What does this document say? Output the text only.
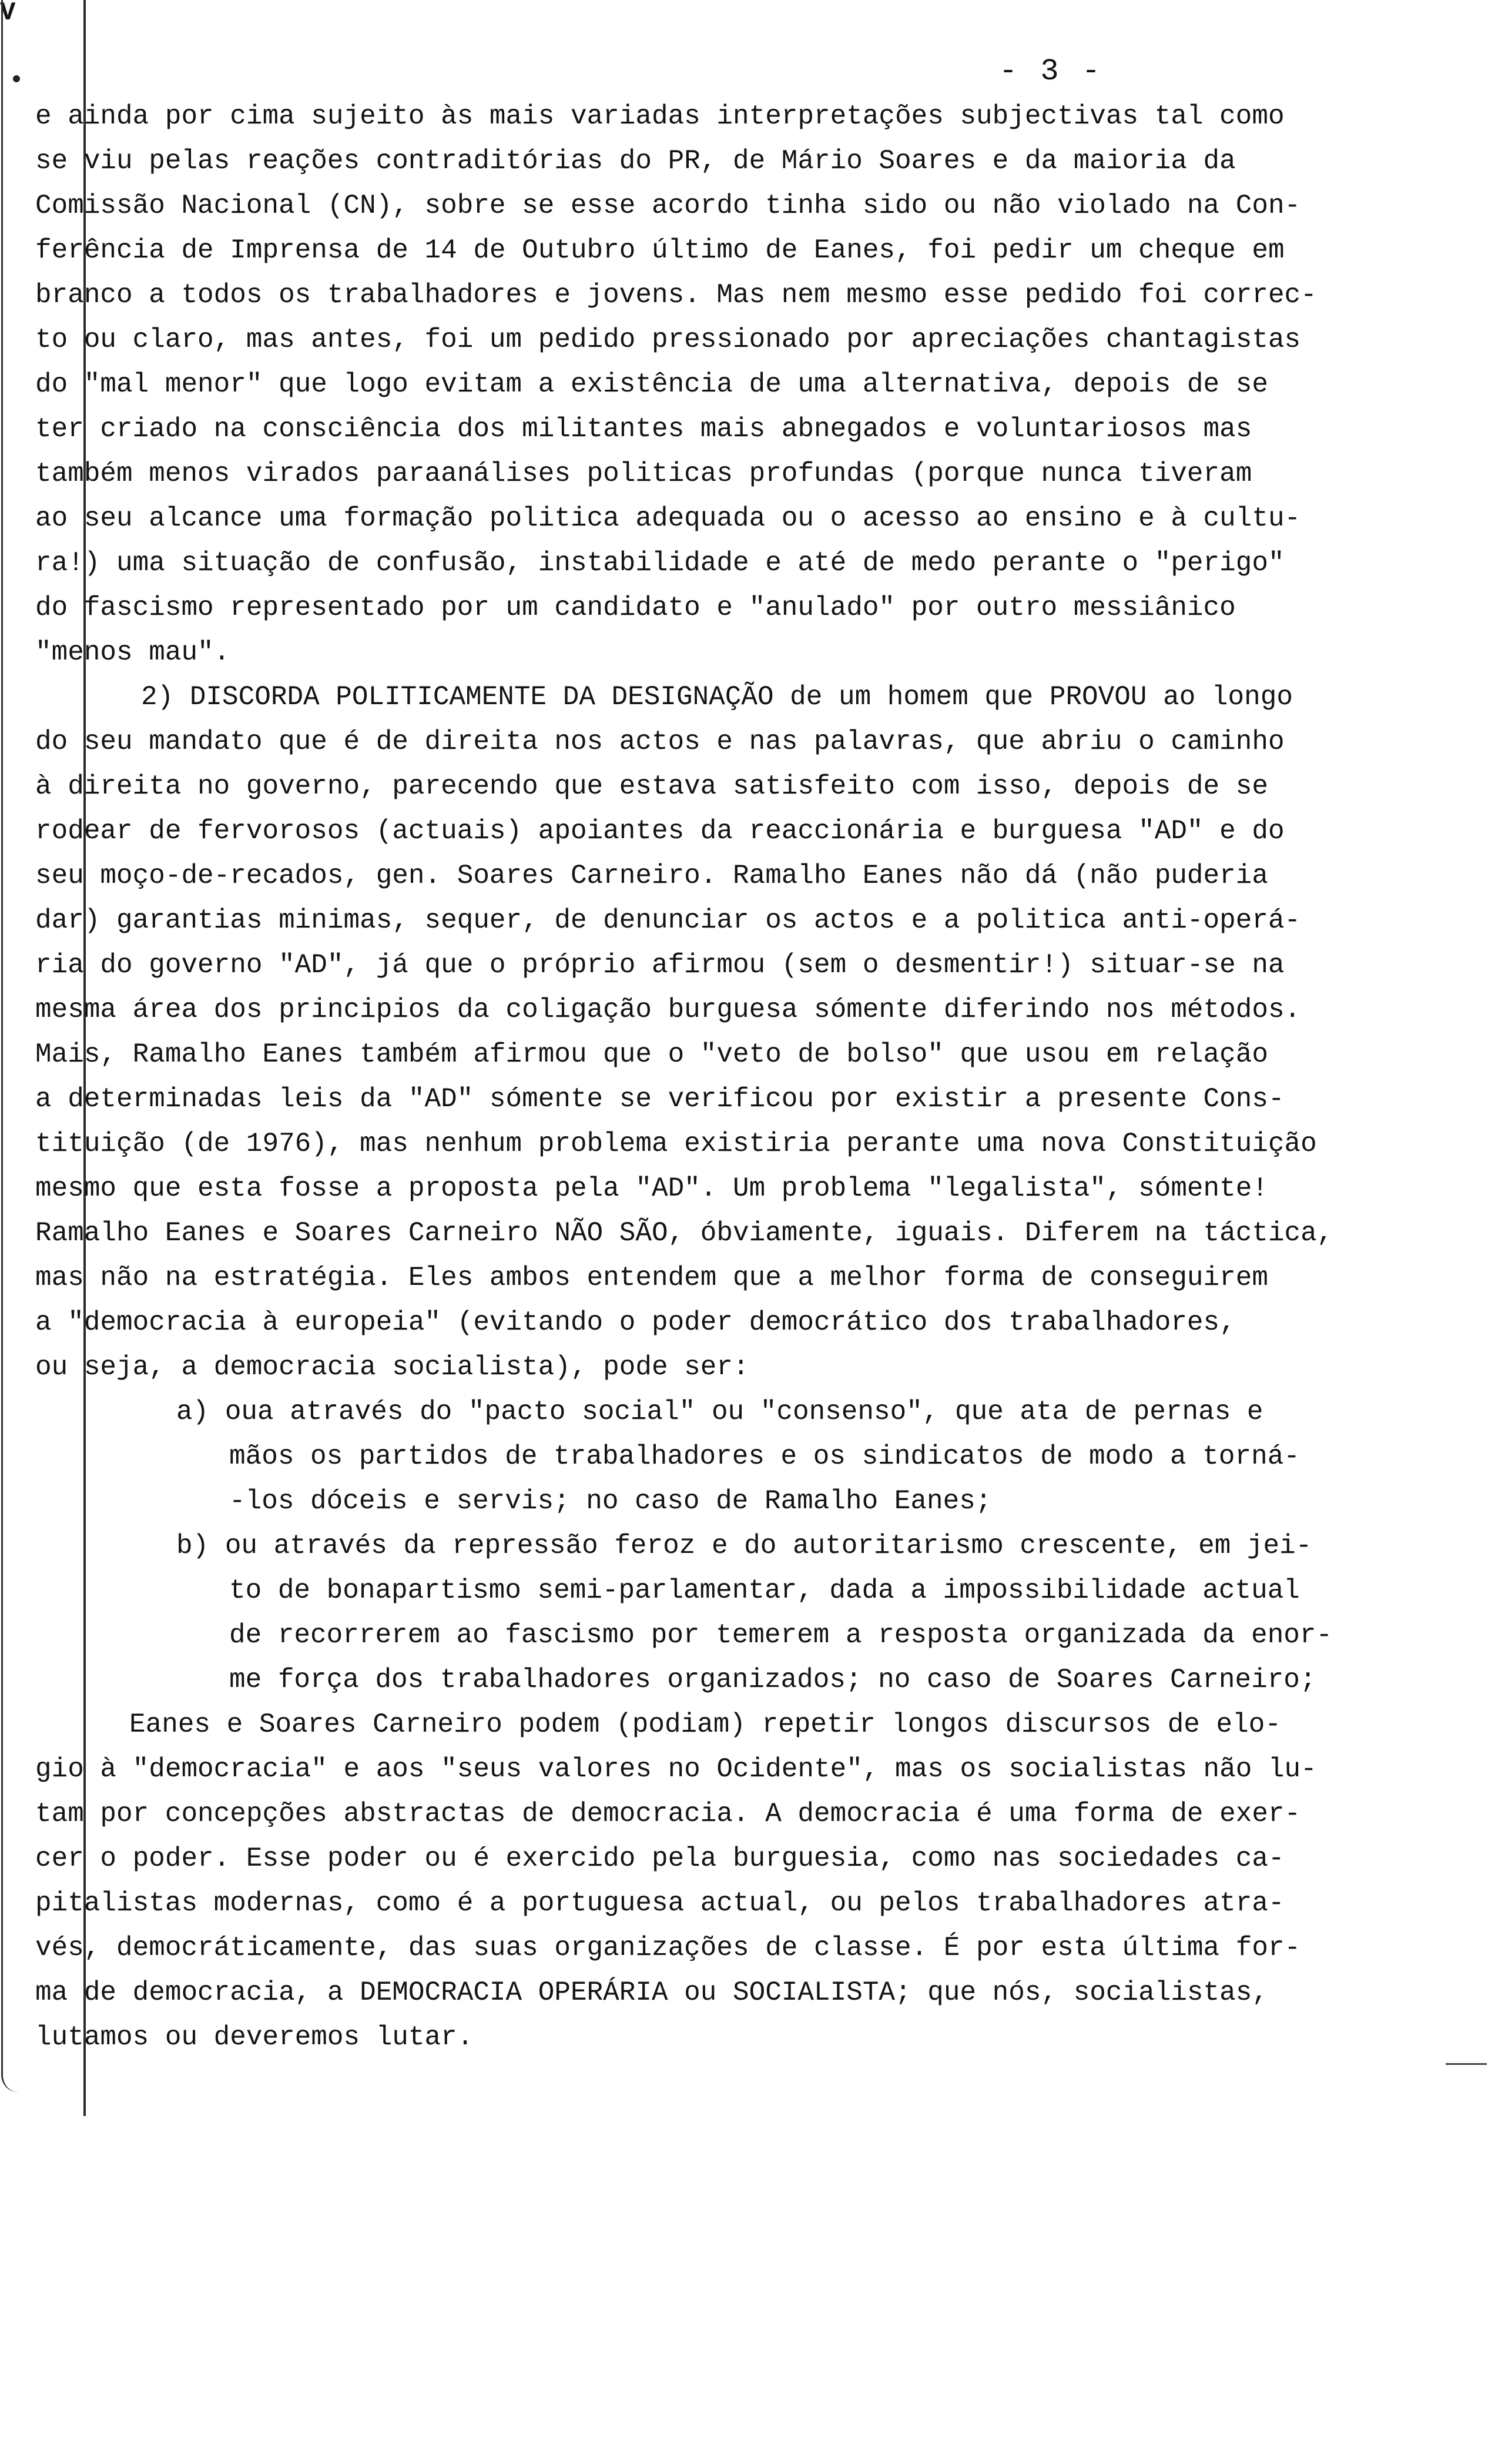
V
- 3 -
e ainda por cima sujeito às mais variadas interpretações subjectivas tal como
se viu pelas reações contraditórias do PR, de Mário Soares e da maioria da
Comissão Nacional (CN), sobre se esse acordo tinha sido ou não violado na Con-
ferência de Imprensa de 14 de Outubro último de Eanes, foi pedir um cheque em
branco a todos os trabalhadores e jovens. Mas nem mesmo esse pedido foi correc-
to ou claro, mas antes, foi um pedido pressionado por apreciações chantagistas
do "mal menor" que logo evitam a existência de uma alternativa, depois de se
ter criado na consciência dos militantes mais abnegados e voluntariosos mas
também menos virados paraanálises politicas profundas (porque nunca tiveram
ao seu alcance uma formação politica adequada ou o acesso ao ensino e à cultu-
ra!) uma situação de confusão, instabilidade e até de medo perante o "perigo"
do fascismo representado por um candidato e "anulado" por outro messiânico
"menos mau".
2) DISCORDA POLITICAMENTE DA DESIGNAÇÃO de um homem que PROVOU ao longo
do seu mandato que é de direita nos actos e nas palavras, que abriu o caminho
à direita no governo, parecendo que estava satisfeito com isso, depois de se
rodear de fervorosos (actuais) apoiantes da reaccionária e burguesa "AD" e do
seu moço-de-recados, gen. Soares Carneiro. Ramalho Eanes não dá (não puderia
dar) garantias minimas, sequer, de denunciar os actos e a politica anti-operá-
ria do governo "AD", já que o próprio afirmou (sem o desmentir!) situar-se na
mesma área dos principios da coligação burguesa sómente diferindo nos métodos.
Mais, Ramalho Eanes também afirmou que o "veto de bolso" que usou em relação
a determinadas leis da "AD" sómente se verificou por existir a presente Cons-
tituição (de 1976), mas nenhum problema existiria perante uma nova Constituição
mesmo que esta fosse a proposta pela "AD". Um problema "legalista", sómente!
Ramalho Eanes e Soares Carneiro NÃO SÃO, óbviamente, iguais. Diferem na táctica,
mas não na estratégia. Eles ambos entendem que a melhor forma de conseguirem
a "democracia à europeia" (evitando o poder democrático dos trabalhadores,
ou seja, a democracia socialista), pode ser:
a) oua através do "pacto social" ou "consenso", que ata de pernas e
mãos os partidos de trabalhadores e os sindicatos de modo a torná-
-los dóceis e servis; no caso de Ramalho Eanes;
b) ou através da repressão feroz e do autoritarismo crescente, em jei-
to de bonapartismo semi-parlamentar, dada a impossibilidade actual
de recorrerem ao fascismo por temerem a resposta organizada da enor-
me força dos trabalhadores organizados; no caso de Soares Carneiro;
Eanes e Soares Carneiro podem (podiam) repetir longos discursos de elo-
gio à "democracia" e aos "seus valores no Ocidente", mas os socialistas não lu-
tam por concepções abstractas de democracia. A democracia é uma forma de exer-
cer o poder. Esse poder ou é exercido pela burguesia, como nas sociedades ca-
pitalistas modernas, como é a portuguesa actual, ou pelos trabalhadores atra-
vés, democráticamente, das suas organizações de classe. É por esta última for-
ma de democracia, a DEMOCRACIA OPERÁRIA ou SOCIALISTA; que nós, socialistas,
lutamos ou deveremos lutar.
